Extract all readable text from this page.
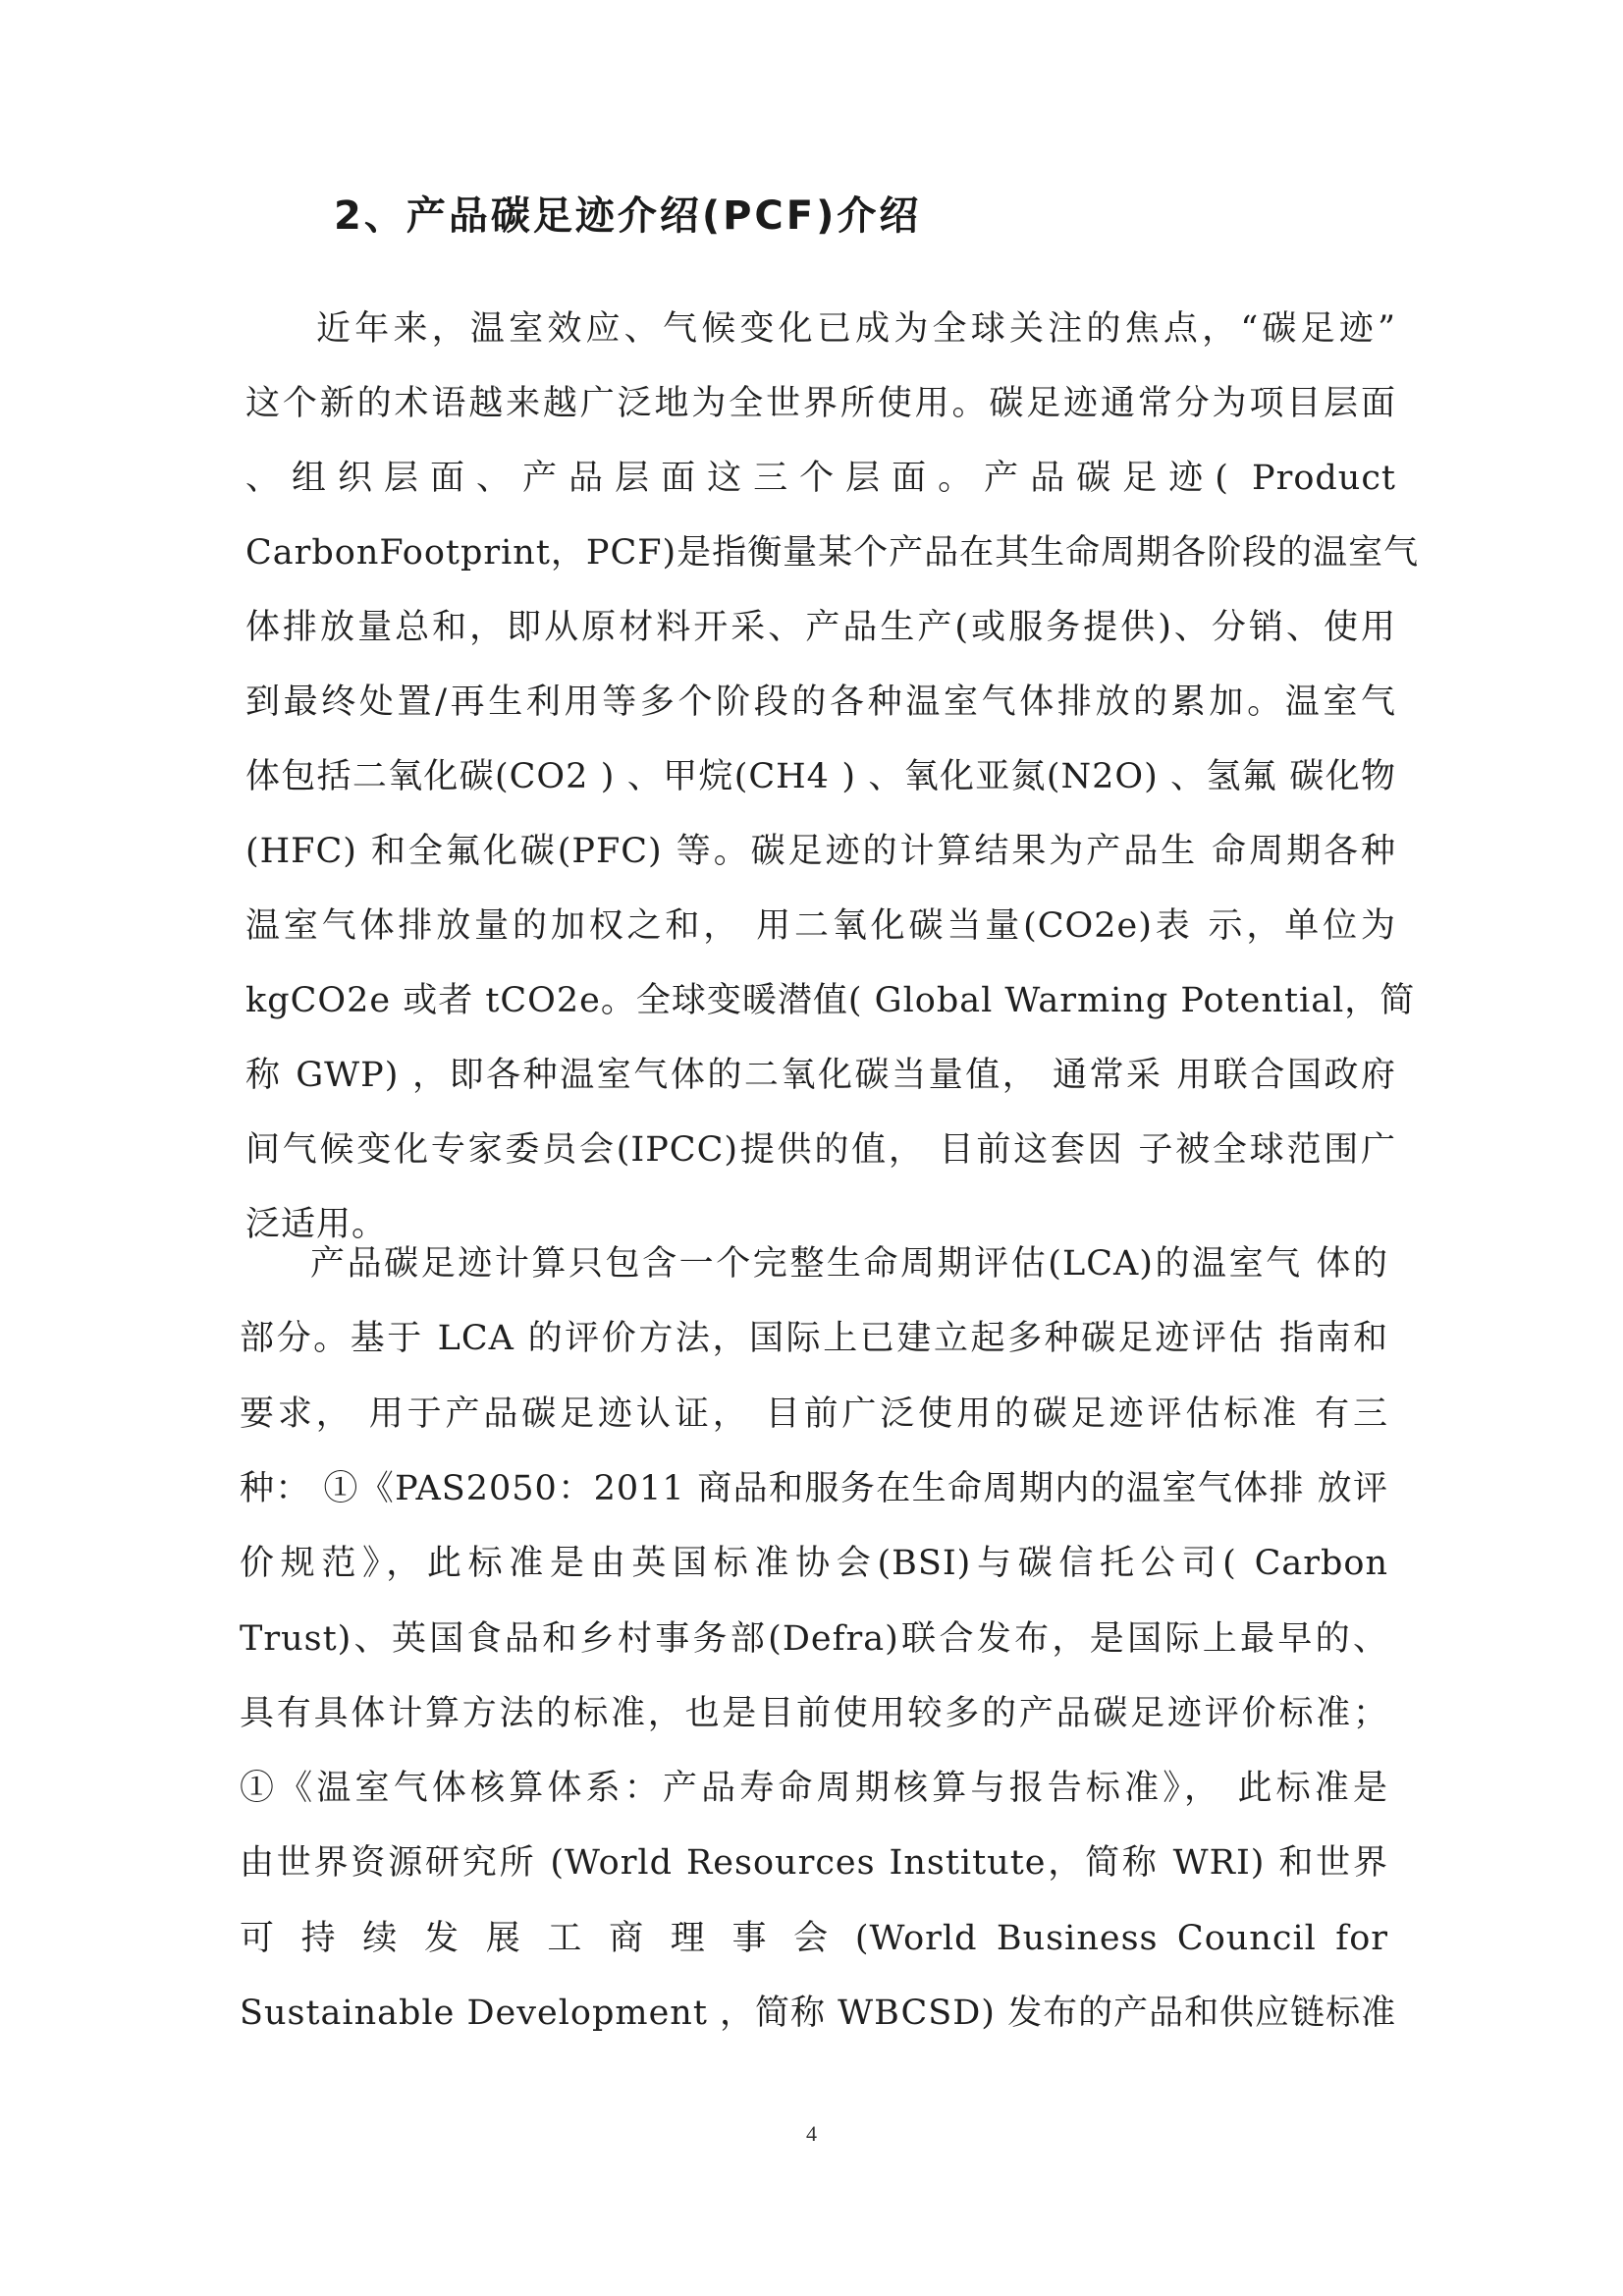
2、产品碳足迹介绍(PCF)介绍
近年来，温室效应、气候变化已成为全球关注的焦点，“碳足迹”
这个新的术语越来越广泛地为全世界所使用。碳足迹通常分为项目层面
、组织层面、产品层面这三个层面。产品碳足迹( Product
CarbonFootprint，PCF)是指衡量某个产品在其生命周期各阶段的温室气
体排放量总和，即从原材料开采、产品生产(或服务提供)、分销、使用
到最终处置/再生利用等多个阶段的各种温室气体排放的累加。温室气
体包括二氧化碳(CO2 ) 、甲烷(CH4 ) 、氧化亚氮(N2O) 、氢氟 碳化物
(HFC) 和全氟化碳(PFC) 等。碳足迹的计算结果为产品生 命周期各种
温室气体排放量的加权之和， 用二氧化碳当量(CO2e)表 示，单位为
kgCO2e 或者 tCO2e。全球变暖潜值( Global Warming Potential，简
称 GWP) ，即各种温室气体的二氧化碳当量值， 通常采 用联合国政府
间气候变化专家委员会(IPCC)提供的值， 目前这套因 子被全球范围广
泛适用。
产品碳足迹计算只包含一个完整生命周期评估(LCA)的温室气 体的
部分。基于 LCA 的评价方法，国际上已建立起多种碳足迹评估 指南和
要求， 用于产品碳足迹认证， 目前广泛使用的碳足迹评估标准 有三
种： ①《PAS2050：2011 商品和服务在生命周期内的温室气体排 放评
价规范》，此标准是由英国标准协会(BSI)与碳信托公司( Carbon
Trust)、英国食品和乡村事务部(Defra)联合发布，是国际上最早的、
具有具体计算方法的标准，也是目前使用较多的产品碳足迹评价标准；
①《温室气体核算体系：产品寿命周期核算与报告标准》， 此标准是
由世界资源研究所 (World Resources Institute，简称 WRI) 和世界
可 持 续 发 展 工 商 理 事 会 (World Business Council for
Sustainable Development ，简称 WBCSD) 发布的产品和供应链标准
4
